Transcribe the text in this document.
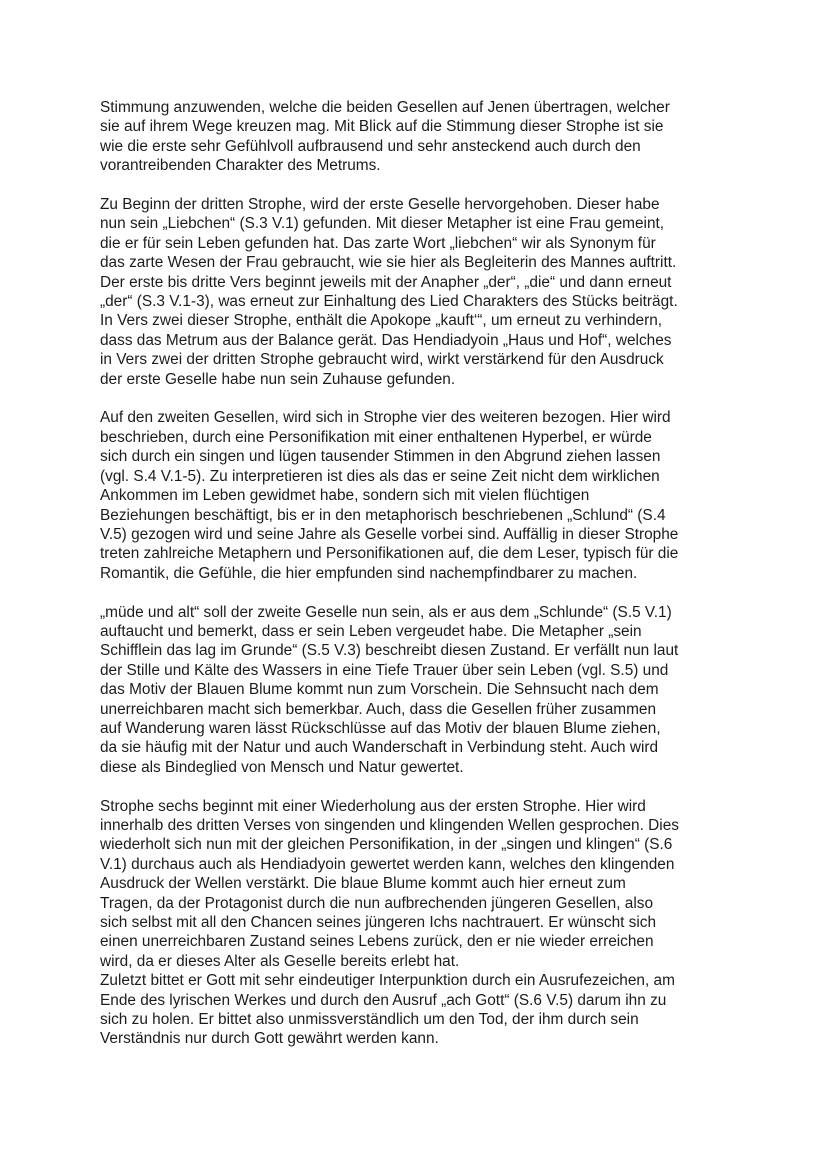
Stimmung anzuwenden, welche die beiden Gesellen auf Jenen übertragen, welcher
sie auf ihrem Wege kreuzen mag. Mit Blick auf die Stimmung dieser Strophe ist sie
wie die erste sehr Gefühlvoll aufbrausend und sehr ansteckend auch durch den
vorantreibenden Charakter des Metrums.

Zu Beginn der dritten Strophe, wird der erste Geselle hervorgehoben. Dieser habe
nun sein „Liebchen“ (S.3 V.1) gefunden. Mit dieser Metapher ist eine Frau gemeint,
die er für sein Leben gefunden hat. Das zarte Wort „liebchen“ wir als Synonym für
das zarte Wesen der Frau gebraucht, wie sie hier als Begleiterin des Mannes auftritt.
Der erste bis dritte Vers beginnt jeweils mit der Anapher „der“, „die“ und dann erneut
„der“ (S.3 V.1-3), was erneut zur Einhaltung des Lied Charakters des Stücks beiträgt.
In Vers zwei dieser Strophe, enthält die Apokope „kauft‘“, um erneut zu verhindern,
dass das Metrum aus der Balance gerät. Das Hendiadyoin „Haus und Hof“, welches
in Vers zwei der dritten Strophe gebraucht wird, wirkt verstärkend für den Ausdruck
der erste Geselle habe nun sein Zuhause gefunden.

Auf den zweiten Gesellen, wird sich in Strophe vier des weiteren bezogen. Hier wird
beschrieben, durch eine Personifikation mit einer enthaltenen Hyperbel, er würde
sich durch ein singen und lügen tausender Stimmen in den Abgrund ziehen lassen
(vgl. S.4 V.1-5). Zu interpretieren ist dies als das er seine Zeit nicht dem wirklichen
Ankommen im Leben gewidmet habe, sondern sich mit vielen flüchtigen
Beziehungen beschäftigt, bis er in den metaphorisch beschriebenen „Schlund“ (S.4
V.5) gezogen wird und seine Jahre als Geselle vorbei sind. Auffällig in dieser Strophe
treten zahlreiche Metaphern und Personifikationen auf, die dem Leser, typisch für die
Romantik, die Gefühle, die hier empfunden sind nachempfindbarer zu machen.

„müde und alt“ soll der zweite Geselle nun sein, als er aus dem „Schlunde“ (S.5 V.1)
auftaucht und bemerkt, dass er sein Leben vergeudet habe. Die Metapher „sein
Schifflein das lag im Grunde“ (S.5 V.3) beschreibt diesen Zustand. Er verfällt nun laut
der Stille und Kälte des Wassers in eine Tiefe Trauer über sein Leben (vgl. S.5) und
das Motiv der Blauen Blume kommt nun zum Vorschein. Die Sehnsucht nach dem
unerreichbaren macht sich bemerkbar. Auch, dass die Gesellen früher zusammen
auf Wanderung waren lässt Rückschlüsse auf das Motiv der blauen Blume ziehen,
da sie häufig mit der Natur und auch Wanderschaft in Verbindung steht. Auch wird
diese als Bindeglied von Mensch und Natur gewertet.

Strophe sechs beginnt mit einer Wiederholung aus der ersten Strophe. Hier wird
innerhalb des dritten Verses von singenden und klingenden Wellen gesprochen. Dies
wiederholt sich nun mit der gleichen Personifikation, in der „singen und klingen“ (S.6
V.1) durchaus auch als Hendiadyoin gewertet werden kann, welches den klingenden
Ausdruck der Wellen verstärkt. Die blaue Blume kommt auch hier erneut zum
Tragen, da der Protagonist durch die nun aufbrechenden jüngeren Gesellen, also
sich selbst mit all den Chancen seines jüngeren Ichs nachtrauert. Er wünscht sich
einen unerreichbaren Zustand seines Lebens zurück, den er nie wieder erreichen
wird, da er dieses Alter als Geselle bereits erlebt hat.

Zuletzt bittet er Gott mit sehr eindeutiger Interpunktion durch ein Ausrufezeichen, am
Ende des lyrischen Werkes und durch den Ausruf „ach Gott“ (S.6 V.5) darum ihn zu
sich zu holen. Er bittet also unmissverständlich um den Tod, der ihm durch sein
Verständnis nur durch Gott gewährt werden kann.
